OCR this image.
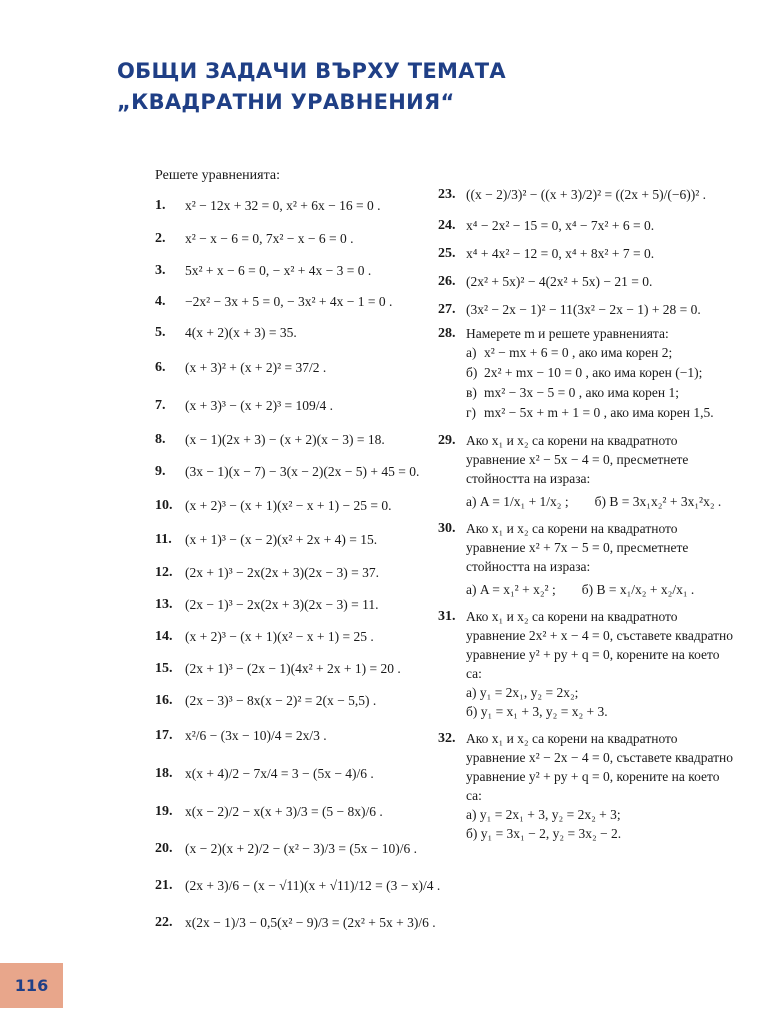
ОБЩИ ЗАДАЧИ ВЪРХУ ТЕМАТА
„КВАДРАТНИ УРАВНЕНИЯ“
Решете уравненията:
1.	x² − 12x + 32 = 0, x² + 6x − 16 = 0 .
2.	x² − x − 6 = 0, 7x² − x − 6 = 0 .
3.	5x² + x − 6 = 0, − x² + 4x − 3 = 0 .
4.	−2x² − 3x + 5 = 0, − 3x² + 4x − 1 = 0 .
5.	4(x + 2)(x + 3) = 35.
6.	(x + 3)² + (x + 2)² = 37/2 .
7.	(x + 3)³ − (x + 2)³ = 109/4 .
8.	(x − 1)(2x + 3) − (x + 2)(x − 3) = 18.
9.	(3x − 1)(x − 7) − 3(x − 2)(2x − 5) + 45 = 0.
10. (x + 2)³ − (x + 1)(x² − x + 1) − 25 = 0.
11. (x + 1)³ − (x − 2)(x² + 2x + 4) = 15.
12. (2x + 1)³ − 2x(2x + 3)(2x − 3) = 37.
13. (2x − 1)³ − 2x(2x + 3)(2x − 3) = 11.
14. (x + 2)³ − (x + 1)(x² − x + 1) = 25 .
15. (2x + 1)³ − (2x − 1)(4x² + 2x + 1) = 20 .
16. (2x − 3)³ − 8x(x − 2)² = 2(x − 5,5) .
17. x²/6 − (3x − 10)/4 = 2x/3 .
18. x(x + 4)/2 − 7x/4 = 3 − (5x − 4)/6 .
19. x(x − 2)/2 − x(x + 3)/3 = (5 − 8x)/6 .
20. (x − 2)(x + 2)/2 − (x² − 3)/3 = (5x − 10)/6 .
21. (2x + 3)/6 − (x − √11)(x + √11)/12 = (3 − x)/4 .
22. x(2x − 1)/3 − 0,5(x² − 9)/3 = (2x² + 5x + 3)/6 .
23. ((x − 2)/3)² − ((x + 3)/2)² = ((2x + 5)/(−6))² .
24. x⁴ − 2x² − 15 = 0, x⁴ − 7x² + 6 = 0.
25. x⁴ + 4x² − 12 = 0, x⁴ + 8x² + 7 = 0.
26. (2x² + 5x)² − 4(2x² + 5x) − 21 = 0.
27. (3x² − 2x − 1)² − 11(3x² − 2x − 1) + 28 = 0.
28. Намерете m и решете уравненията:
а) x² − mx + 6 = 0 , ако има корен 2;
б) 2x² + mx − 10 = 0 , ако има корен (−1);
в) mx² − 3x − 5 = 0 , ако има корен 1;
г) mx² − 5x + m + 1 = 0 , ако има корен 1,5.
29. Ако x₁ и x₂ са корени на квадратното уравнение x² − 5x − 4 = 0, пресметнете стойността на израза:
а) A = 1/x₁ + 1/x₂ ; б) B = 3x₁x₂² + 3x₁²x₂ .
30. Ако x₁ и x₂ са корени на квадратното уравнение x² + 7x − 5 = 0, пресметнете стойността на израза:
а) A = x₁² + x₂² ; б) B = x₁/x₂ + x₂/x₁ .
31. Ако x₁ и x₂ са корени на квадратното уравнение 2x² + x − 4 = 0, съставете квадратно уравнение y² + py + q = 0, корените на което са:
а) y₁ = 2x₁, y₂ = 2x₂;
б) y₁ = x₁ + 3, y₂ = x₂ + 3.
32. Ако x₁ и x₂ са корени на квадратното уравнение x² − 2x − 4 = 0, съставете квадратно уравнение y² + py + q = 0, корените на което са:
а) y₁ = 2x₁ + 3, y₂ = 2x₂ + 3;
б) y₁ = 3x₁ − 2, y₂ = 3x₂ − 2.
116
